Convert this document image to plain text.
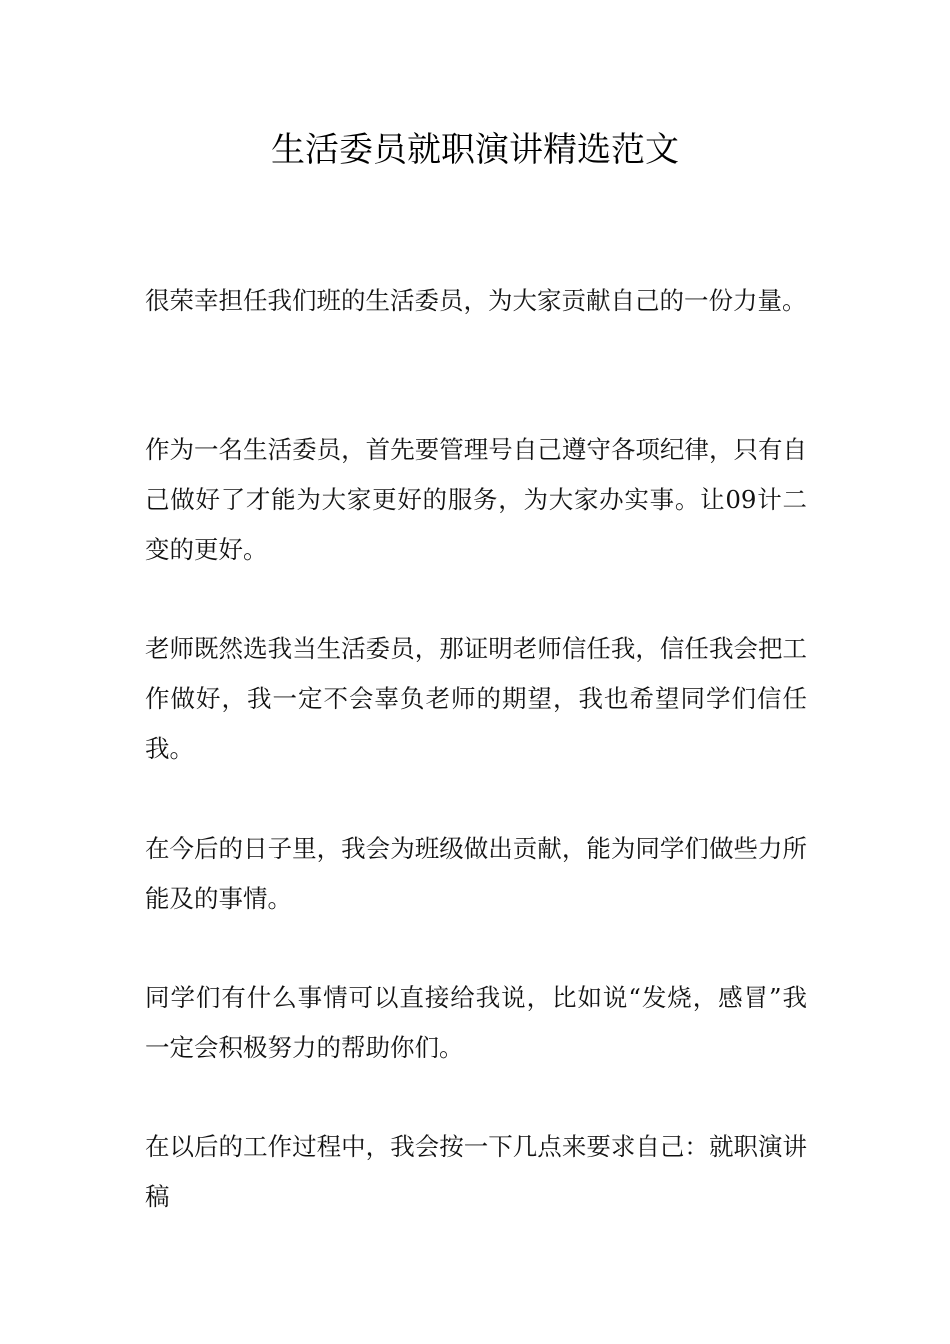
生活委员就职演讲精选范文

很荣幸担任我们班的生活委员，为大家贡献自己的一份力量。

作为一名生活委员，首先要管理号自己遵守各项纪律，只有自己做好了才能为大家更好的服务，为大家办实事。让09计二变的更好。

老师既然选我当生活委员，那证明老师信任我，信任我会把工作做好，我一定不会辜负老师的期望，我也希望同学们信任我。

在今后的日子里，我会为班级做出贡献，能为同学们做些力所能及的事情。

同学们有什么事情可以直接给我说，比如说“发烧，感冒”我一定会积极努力的帮助你们。

在以后的工作过程中，我会按一下几点来要求自己：就职演讲稿
